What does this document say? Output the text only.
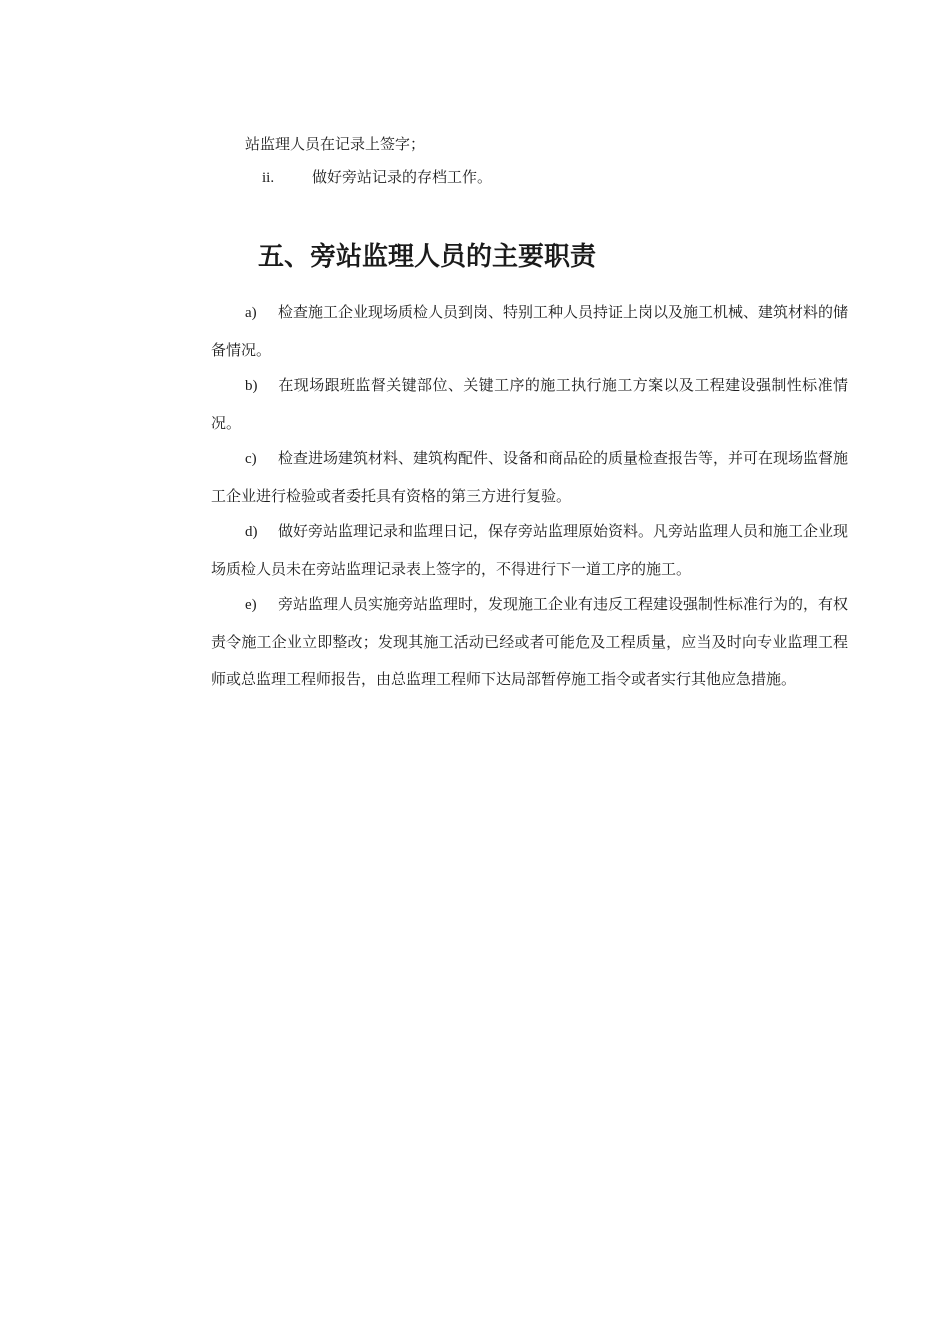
站监理人员在记录上签字；
ii.	做好旁站记录的存档工作。
五、旁站监理人员的主要职责

a) 检查施工企业现场质检人员到岗、特别工种人员持证上岗以及施工机械、建筑材料的储备情况。

b) 在现场跟班监督关键部位、关键工序的施工执行施工方案以及工程建设强制性标准情况。

c) 检查进场建筑材料、建筑构配件、设备和商品砼的质量检查报告等，并可在现场监督施工企业进行检验或者委托具有资格的第三方进行复验。

d) 做好旁站监理记录和监理日记，保存旁站监理原始资料。凡旁站监理人员和施工企业现场质检人员未在旁站监理记录表上签字的，不得进行下一道工序的施工。

e) 旁站监理人员实施旁站监理时，发现施工企业有违反工程建设强制性标准行为的，有权责令施工企业立即整改；发现其施工活动已经或者可能危及工程质量，应当及时向专业监理工程师或总监理工程师报告，由总监理工程师下达局部暂停施工指令或者实行其他应急措施。
